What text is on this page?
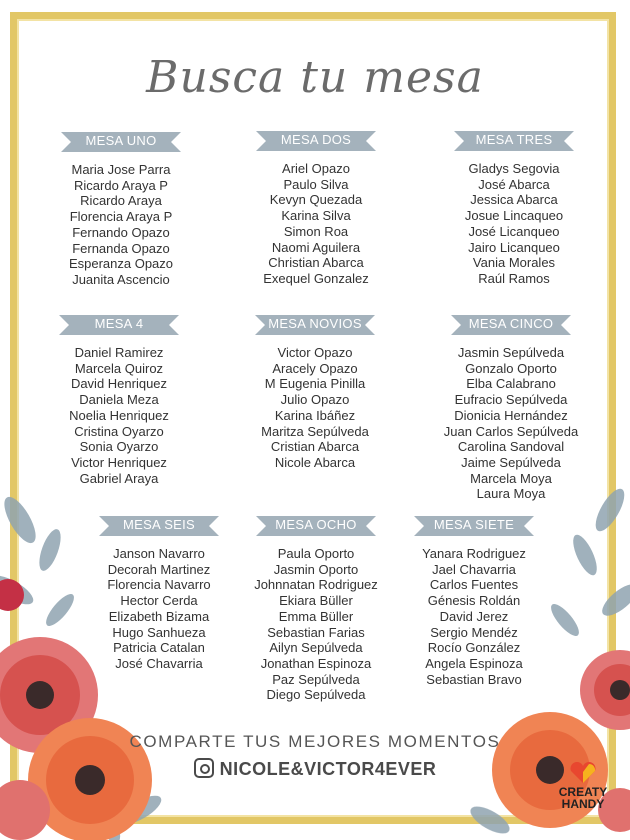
Busca tu mesa
MESA UNO
Maria Jose Parra
Ricardo Araya P
Ricardo Araya
Florencia Araya P
Fernando Opazo
Fernanda Opazo
Esperanza Opazo
Juanita Ascencio
MESA DOS
Ariel Opazo
Paulo Silva
Kevyn Quezada
Karina Silva
Simon Roa
Naomi Aguilera
Christian Abarca
Exequel Gonzalez
MESA TRES
Gladys Segovia
José Abarca
Jessica Abarca
Josue Lincaqueo
José Licanqueo
Jairo Licanqueo
Vania Morales
Raúl Ramos
MESA 4
Daniel Ramirez
Marcela Quiroz
David Henriquez
Daniela Meza
Noelia Henriquez
Cristina Oyarzo
Sonia Oyarzo
Victor Henriquez
Gabriel Araya
MESA NOVIOS
Victor Opazo
Aracely Opazo
M Eugenia Pinilla
Julio Opazo
Karina Ibáñez
Maritza Sepúlveda
Cristian Abarca
Nicole Abarca
MESA CINCO
Jasmin Sepúlveda
Gonzalo Oporto
Elba Calabrano
Eufracio Sepúlveda
Dionicia Hernández
Juan Carlos Sepúlveda
Carolina Sandoval
Jaime Sepúlveda
Marcela Moya
Laura Moya
MESA SEIS
Janson Navarro
Decorah Martinez
Florencia Navarro
Hector Cerda
Elizabeth Bizama
Hugo Sanhueza
Patricia Catalan
José Chavarria
MESA OCHO
Paula Oporto
Jasmin Oporto
Johnnatan Rodriguez
Ekiara Büller
Emma Büller
Sebastian Farias
Ailyn Sepúlveda
Jonathan Espinoza
Paz Sepúlveda
Diego Sepúlveda
MESA SIETE
Yanara Rodriguez
Jael Chavarria
Carlos Fuentes
Génesis Roldán
David Jerez
Sergio Mendéz
Rocío González
Angela Espinoza
Sebastian Bravo
COMPARTE TUS MEJORES MOMENTOS
NICOLE&VICTOR4EVER
CREATY
HANDY
